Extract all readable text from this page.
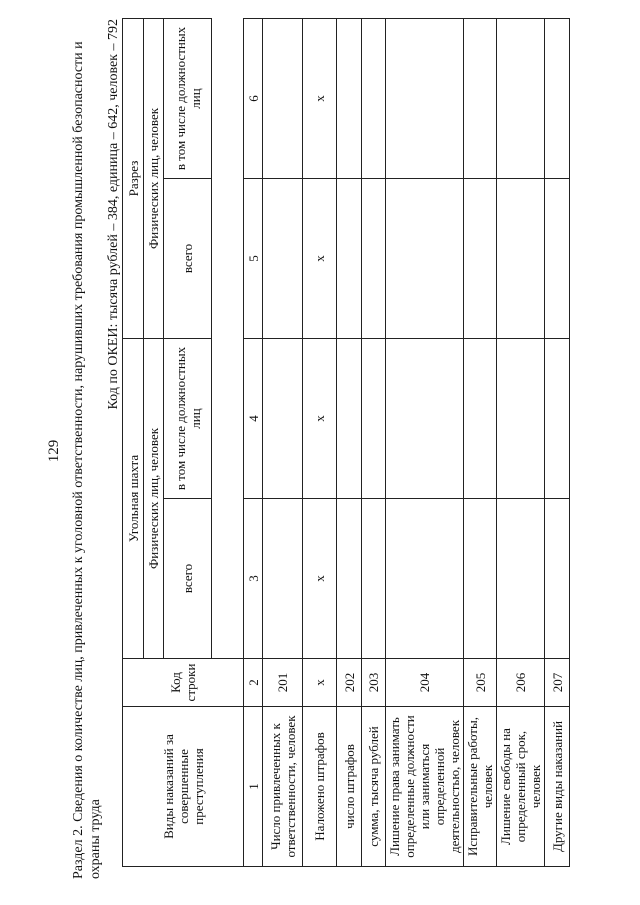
129 Раздел 2. Сведения о количестве лиц, привлеченных к уголовной ответственности, нарушивших требования промышленной безопасности и охраны труда
Код по ОКЕИ: тысяча рублей – 384, единица – 642, человек – 792
Виды наказаний за совершенные преступления	Код строки	Угольная шахта		Разрез	
		Физических лиц, человек		Физических лиц, человек	
		всего	в том числе должностных лиц	всего	в том числе должностных лиц

1	2	3	4	5	6
Число привлеченных к ответственности, человек	201				
Наложено штрафов	х	х	х	х	х
число штрафов	202				
сумма, тысяча рублей	203				
Лишение права занимать определенные должности или заниматься определенной деятельностью, человек	204				
Исправительные работы, человек	205				
Лишение свободы на определенный срок, человек	206				
Другие виды наказаний	207				
